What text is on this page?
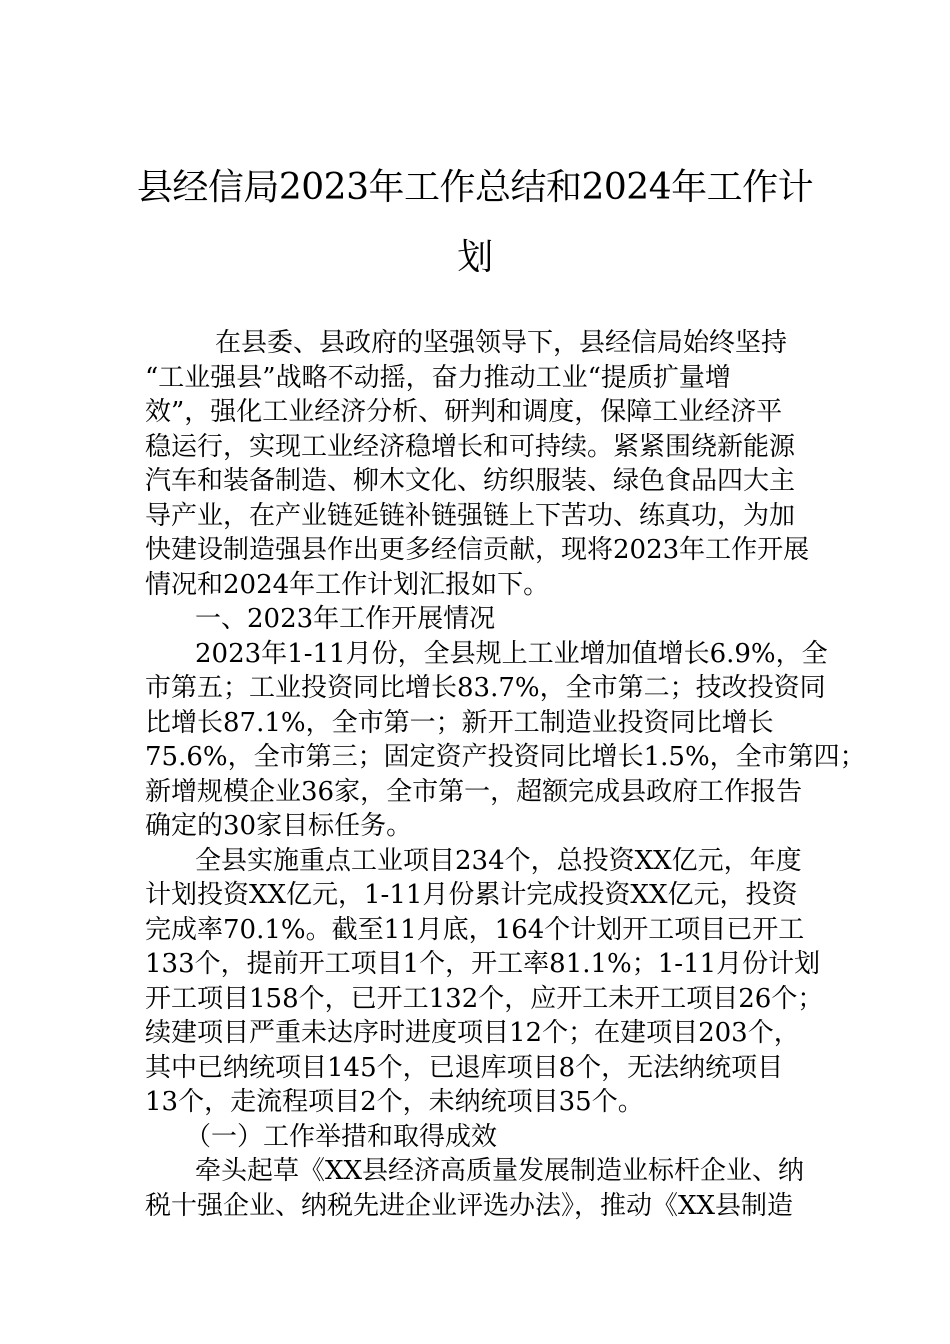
县经信局2023年工作总结和2024年工作计
划
在县委、县政府的坚强领导下，县经信局始终坚持
“工业强县”战略不动摇，奋力推动工业“提质扩量增
效”，强化工业经济分析、研判和调度，保障工业经济平
稳运行，实现工业经济稳增长和可持续。紧紧围绕新能源
汽车和装备制造、柳木文化、纺织服装、绿色食品四大主
导产业，在产业链延链补链强链上下苦功、练真功，为加
快建设制造强县作出更多经信贡献，现将2023年工作开展
情况和2024年工作计划汇报如下。
一、2023年工作开展情况
2023年1-11月份，全县规上工业增加值增长6.9%，全
市第五；工业投资同比增长83.7%，全市第二；技改投资同
比增长87.1%，全市第一；新开工制造业投资同比增长
75.6%，全市第三；固定资产投资同比增长1.5%，全市第四；
新增规模企业36家，全市第一，超额完成县政府工作报告
确定的30家目标任务。
全县实施重点工业项目234个，总投资XX亿元，年度
计划投资XX亿元，1-11月份累计完成投资XX亿元，投资
完成率70.1%。截至11月底，164个计划开工项目已开工
133个，提前开工项目1个，开工率81.1%；1-11月份计划
开工项目158个，已开工132个，应开工未开工项目26个；
续建项目严重未达序时进度项目12个；在建项目203个，
其中已纳统项目145个，已退库项目8个，无法纳统项目
13个，走流程项目2个，未纳统项目35个。
（一）工作举措和取得成效
牵头起草《XX县经济高质量发展制造业标杆企业、纳
税十强企业、纳税先进企业评选办法》，推动《XX县制造
